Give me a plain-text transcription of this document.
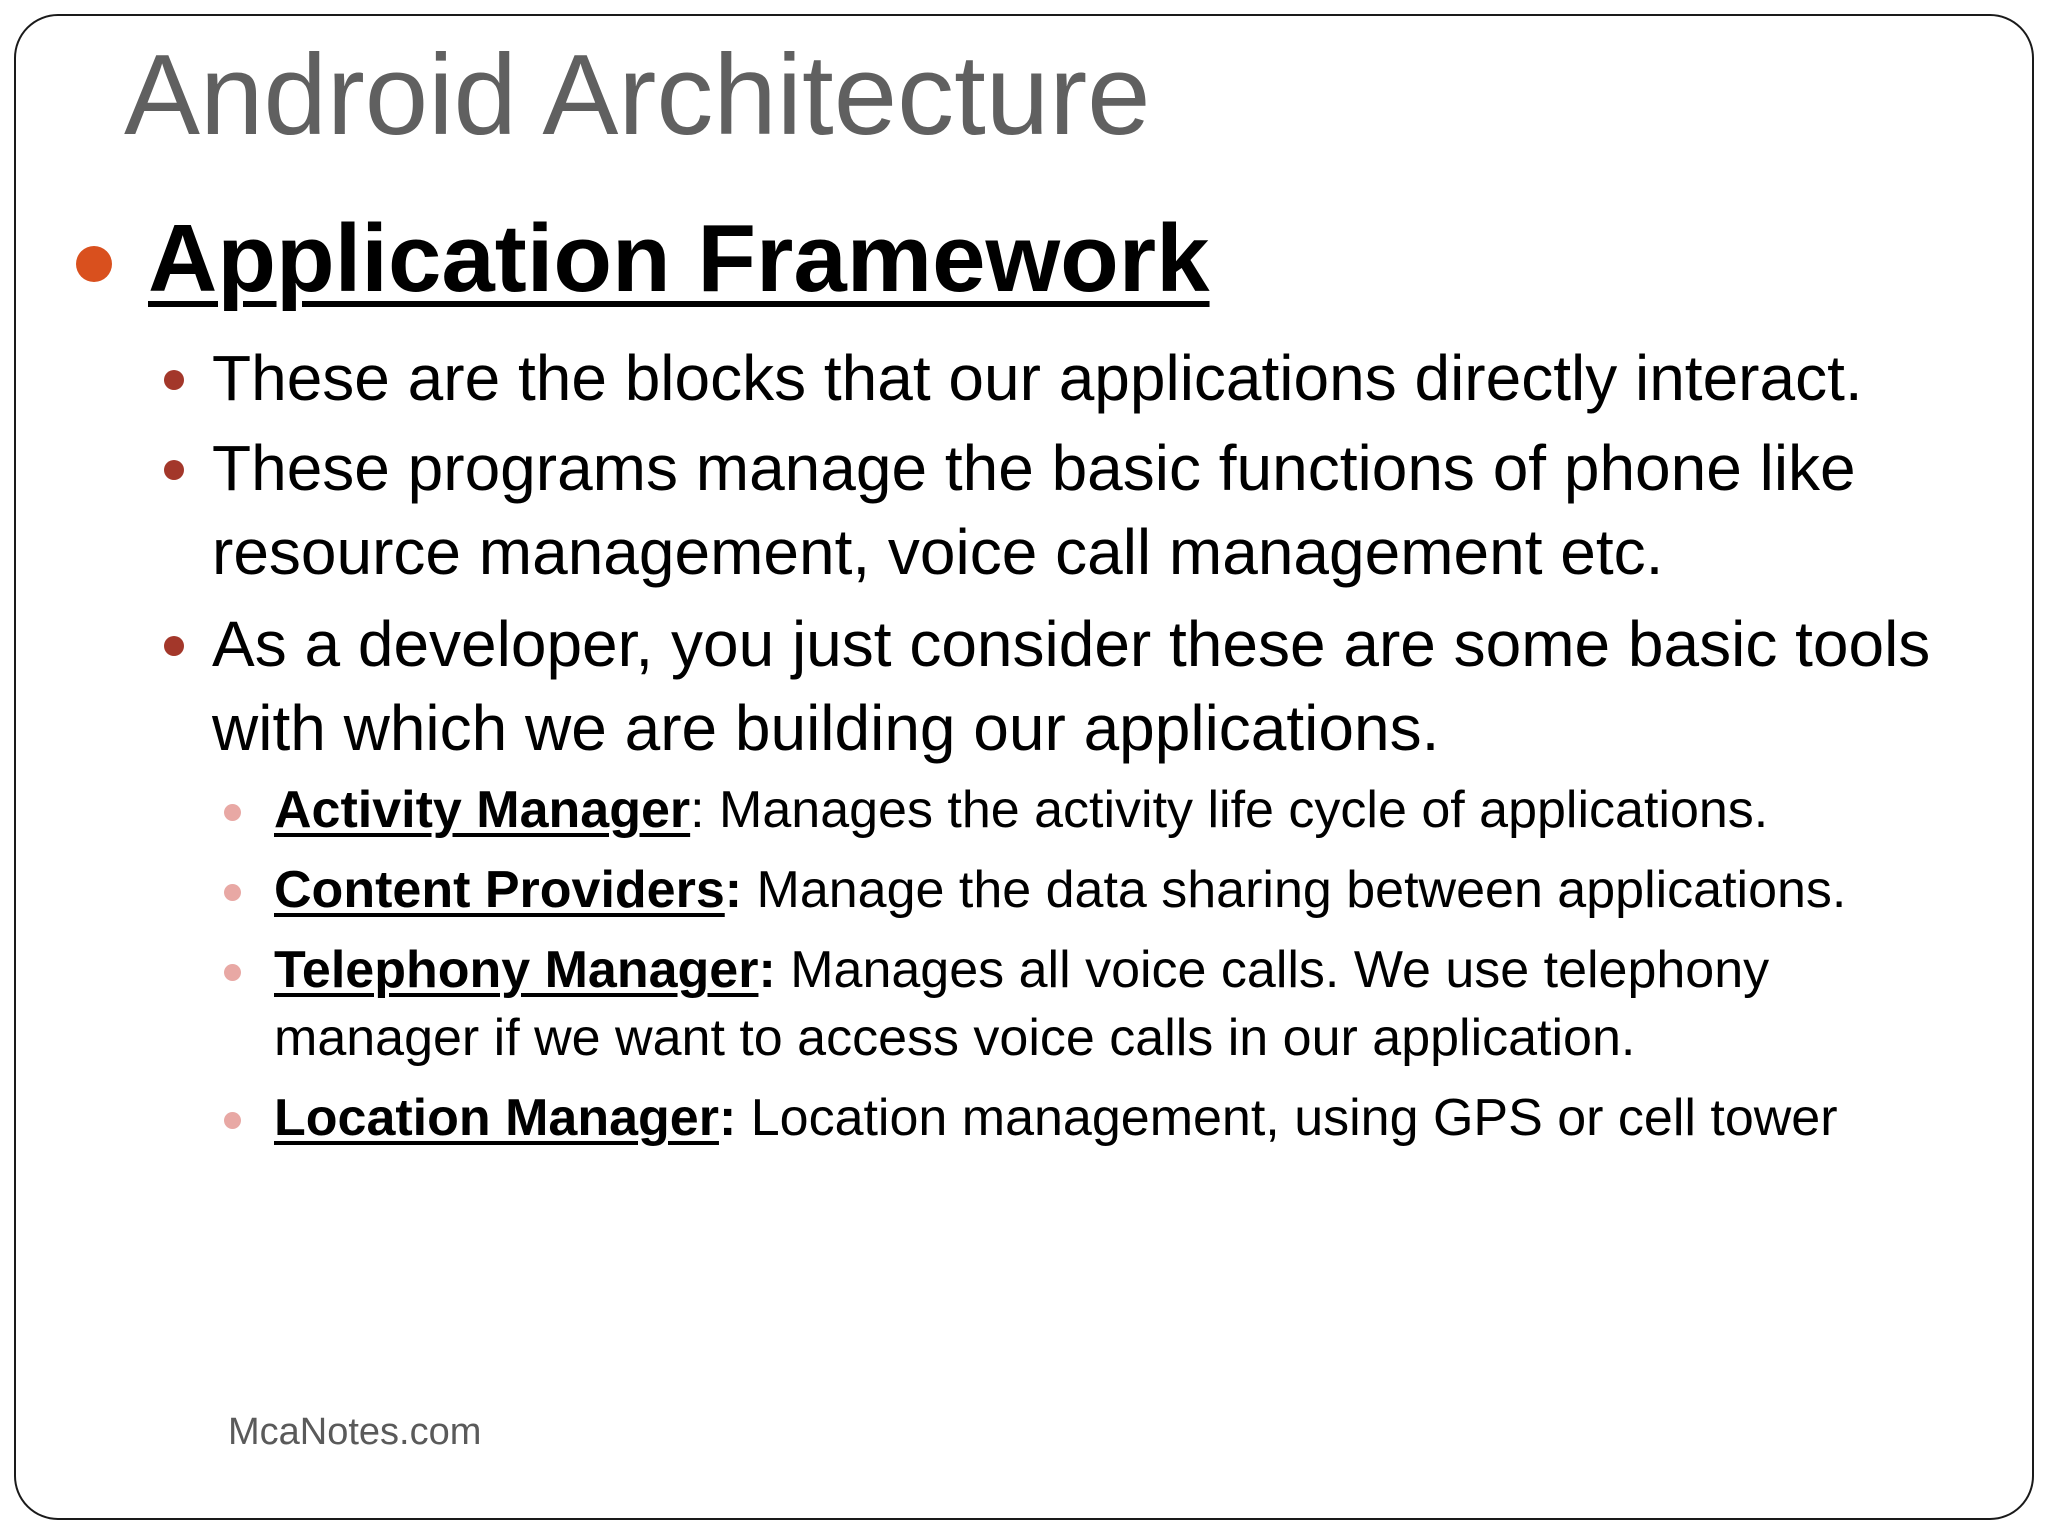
Android Architecture
Application Framework
These are the blocks that our applications directly interact.
These programs manage the basic functions of phone like resource management, voice call management etc.
As a developer, you just consider these are some basic tools with which we are building our applications.
Activity Manager: Manages the activity life cycle of applications.
Content Providers: Manage the data sharing between applications.
Telephony Manager: Manages all voice calls. We use telephony manager if we want to access voice calls in our application.
Location Manager: Location management, using GPS or cell tower
McaNotes.com
